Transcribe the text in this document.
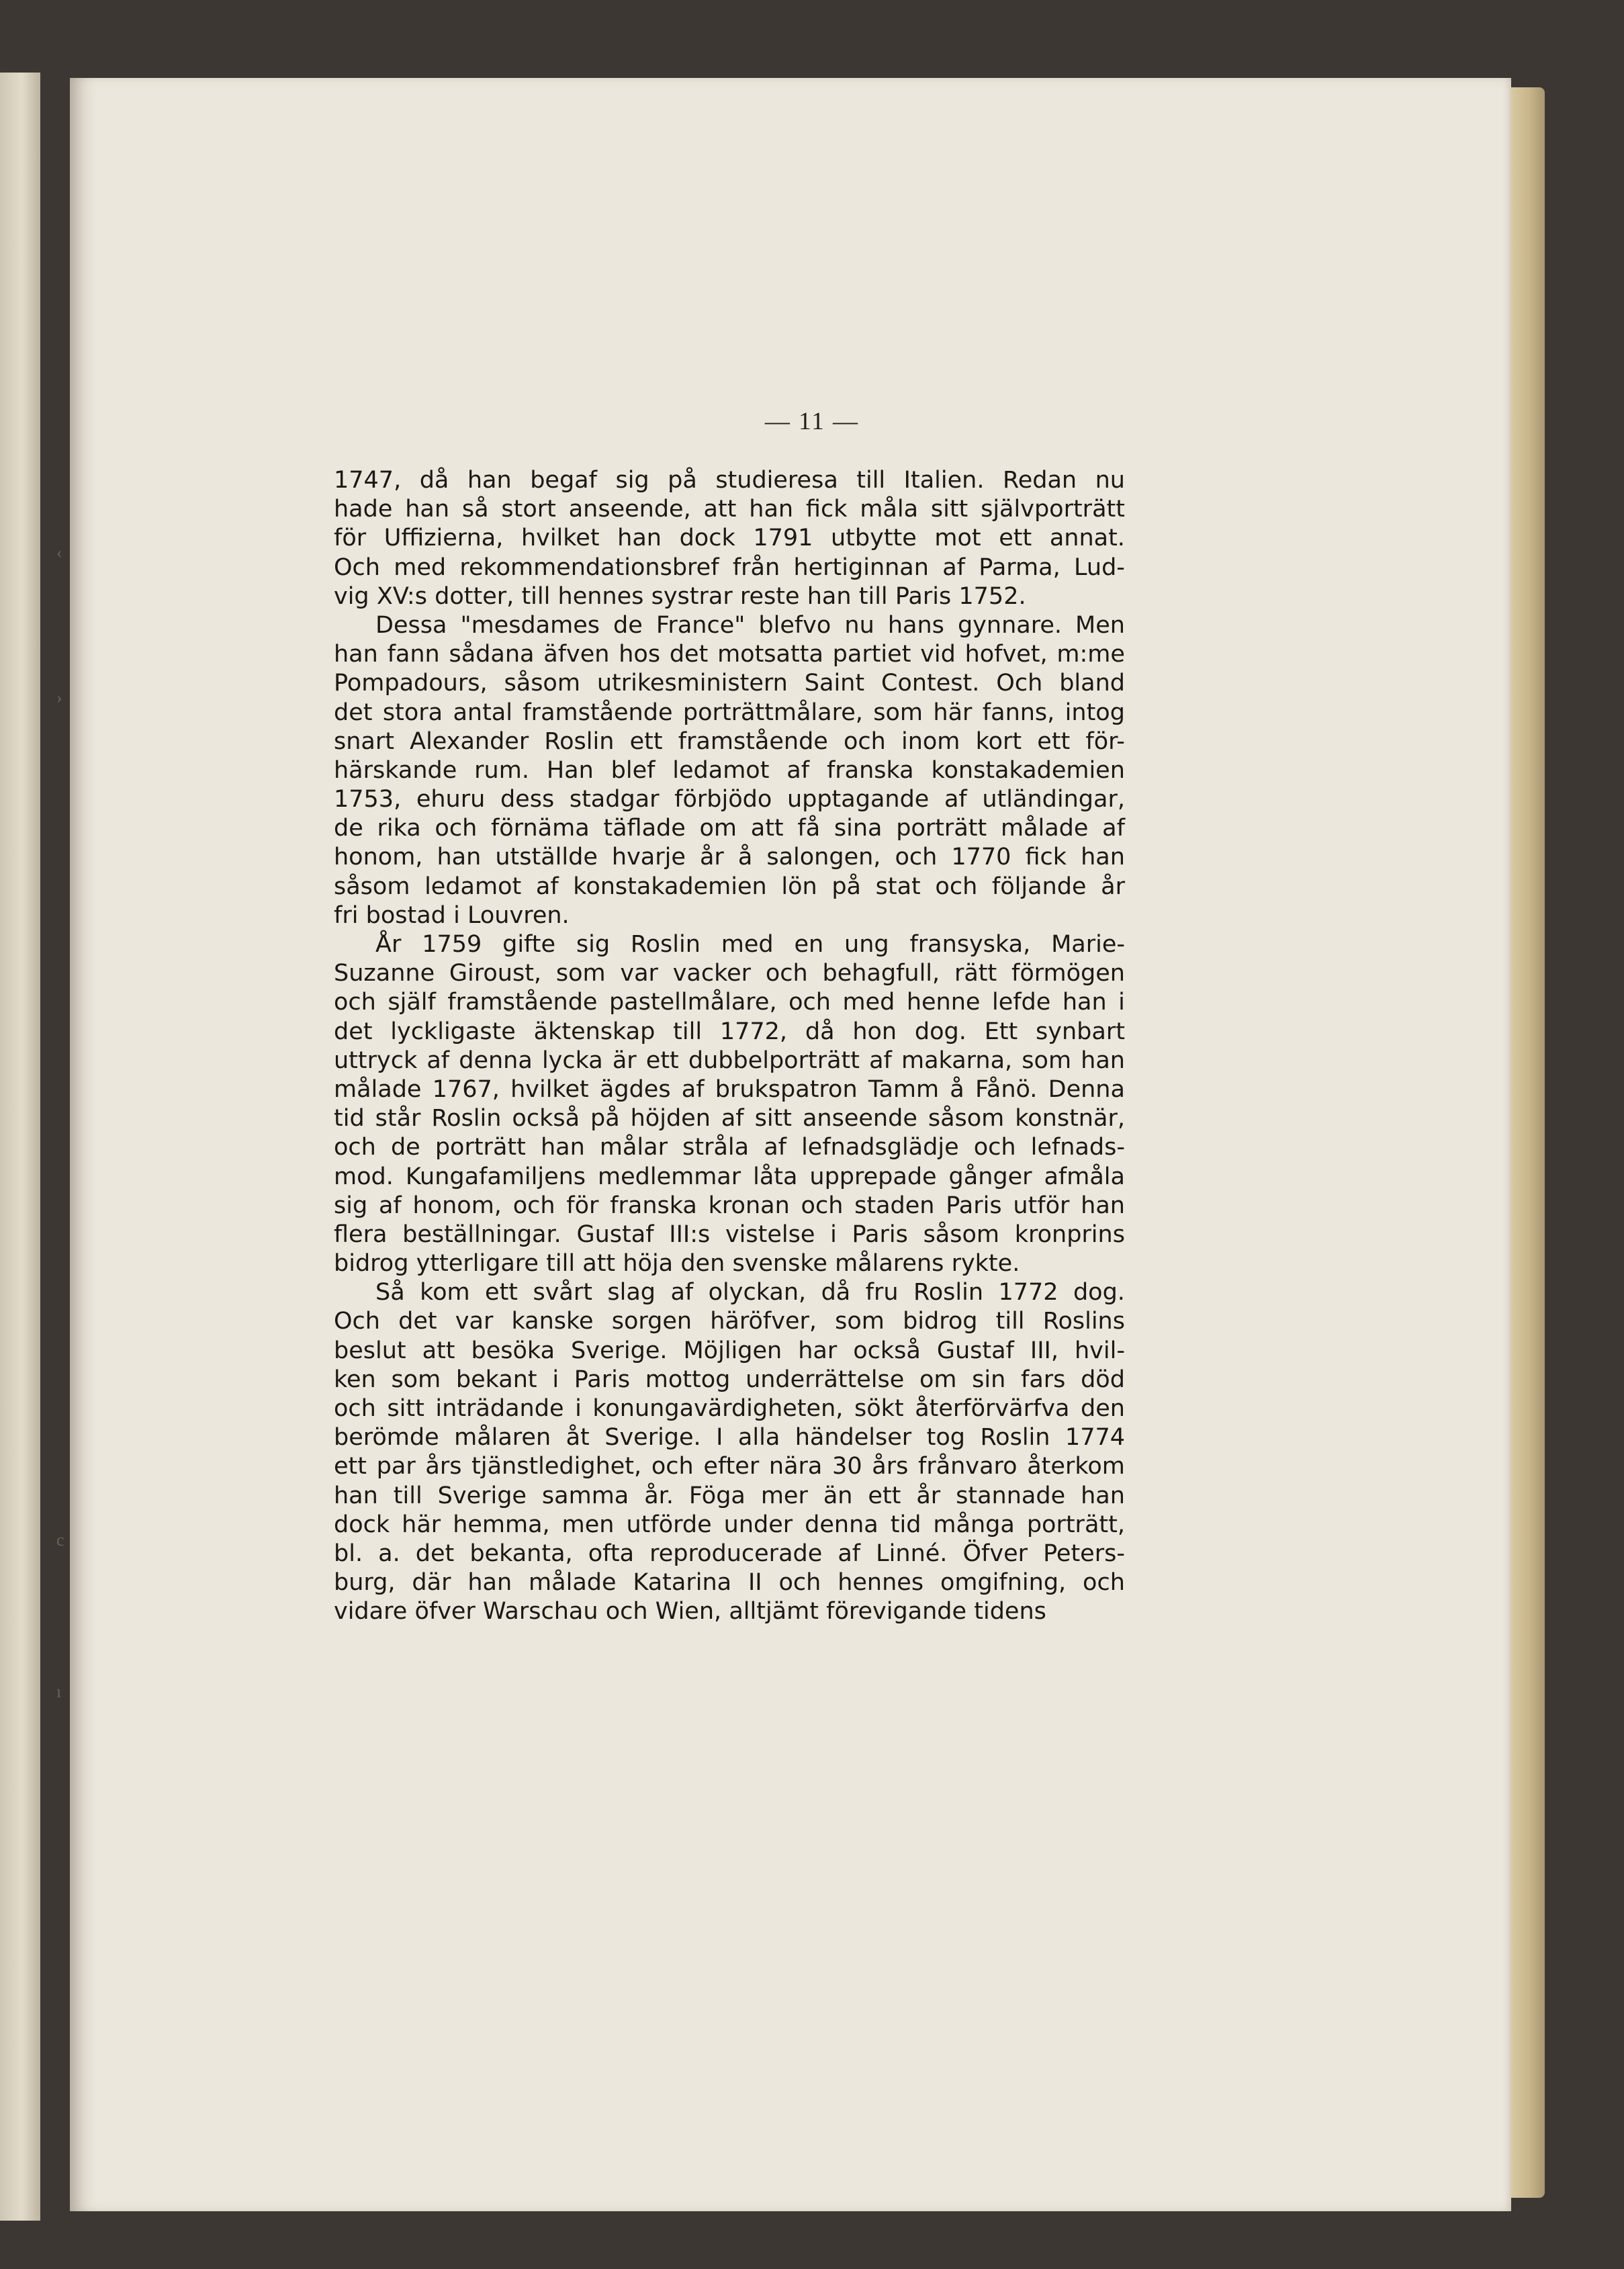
‹
›
c
ı
— 11 —
1747, då han begaf sig på studieresa till Italien. Redan nu
hade han så stort anseende, att han fick måla sitt självporträtt
för Uffizierna, hvilket han dock 1791 utbytte mot ett annat.
Och med rekommendationsbref från hertiginnan af Parma, Lud-
vig XV:s dotter, till hennes systrar reste han till Paris 1752.
Dessa "mesdames de France" blefvo nu hans gynnare. Men
han fann sådana äfven hos det motsatta partiet vid hofvet, m:me
Pompadours, såsom utrikesministern Saint Contest. Och bland
det stora antal framstående porträttmålare, som här fanns, intog
snart Alexander Roslin ett framstående och inom kort ett för-
härskande rum. Han blef ledamot af franska konstakademien
1753, ehuru dess stadgar förbjödo upptagande af utländingar,
de rika och förnäma täflade om att få sina porträtt målade af
honom, han utställde hvarje år å salongen, och 1770 fick han
såsom ledamot af konstakademien lön på stat och följande år
fri bostad i Louvren.
År 1759 gifte sig Roslin med en ung fransyska, Marie-
Suzanne Giroust, som var vacker och behagfull, rätt förmögen
och själf framstående pastellmålare, och med henne lefde han i
det lyckligaste äktenskap till 1772, då hon dog. Ett synbart
uttryck af denna lycka är ett dubbelporträtt af makarna, som han
målade 1767, hvilket ägdes af brukspatron Tamm å Fånö. Denna
tid står Roslin också på höjden af sitt anseende såsom konstnär,
och de porträtt han målar stråla af lefnadsglädje och lefnads-
mod. Kungafamiljens medlemmar låta upprepade gånger afmåla
sig af honom, och för franska kronan och staden Paris utför han
flera beställningar. Gustaf III:s vistelse i Paris såsom kronprins
bidrog ytterligare till att höja den svenske målarens rykte.
Så kom ett svårt slag af olyckan, då fru Roslin 1772 dog.
Och det var kanske sorgen häröfver, som bidrog till Roslins
beslut att besöka Sverige. Möjligen har också Gustaf III, hvil-
ken som bekant i Paris mottog underrättelse om sin fars död
och sitt inträdande i konungavärdigheten, sökt återförvärfva den
berömde målaren åt Sverige. I alla händelser tog Roslin 1774
ett par års tjänstledighet, och efter nära 30 års frånvaro återkom
han till Sverige samma år. Föga mer än ett år stannade han
dock här hemma, men utförde under denna tid många porträtt,
bl. a. det bekanta, ofta reproducerade af Linné. Öfver Peters-
burg, där han målade Katarina II och hennes omgifning, och
vidare öfver Warschau och Wien, alltjämt förevigande tidens
